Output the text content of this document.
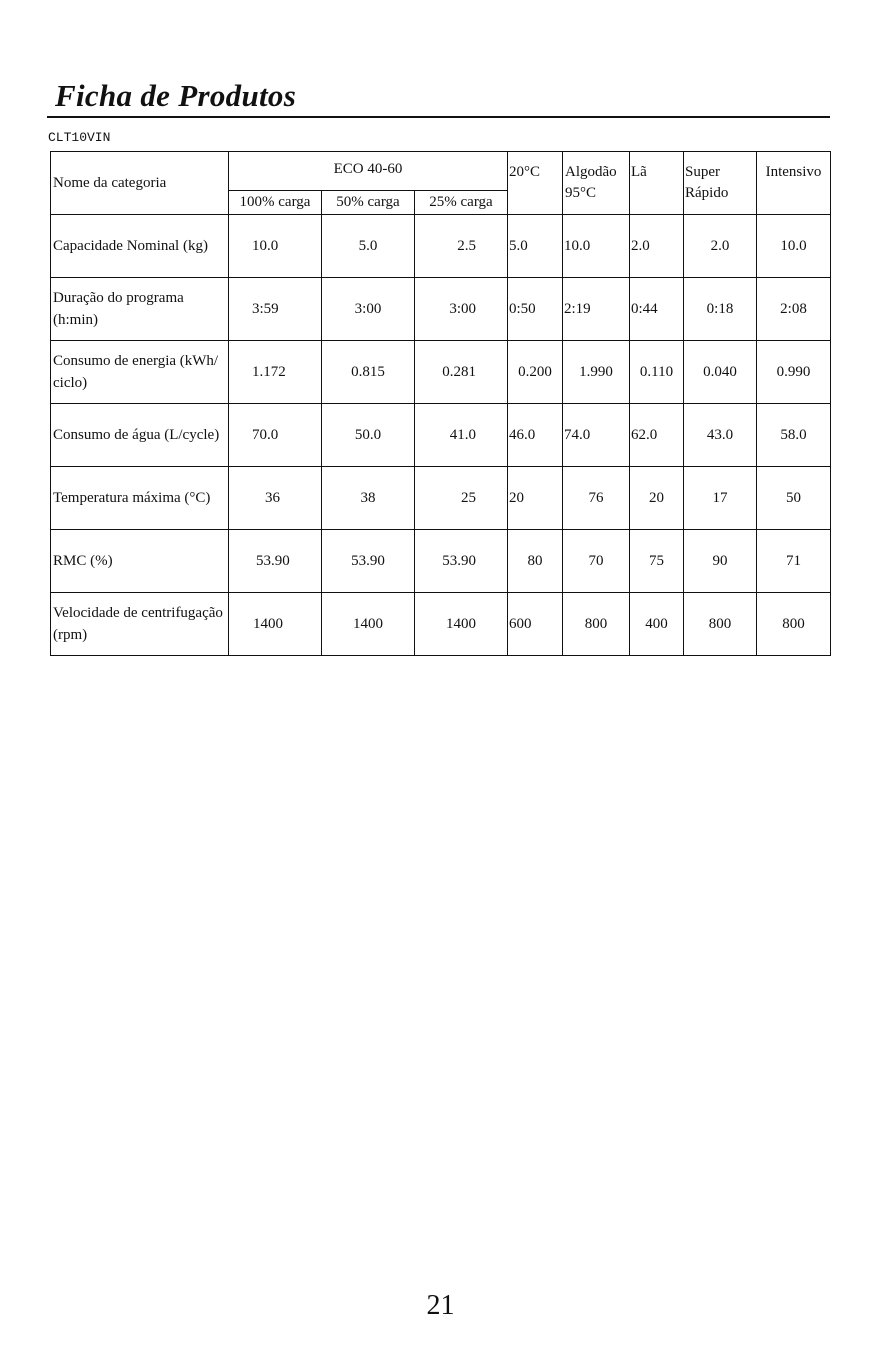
Ficha de Produtos
CLT10VIN
Nome da categoria	ECO 40-60			20°C	Algodão 95°C	Lã	Super Rápido	Intensivo
	100% carga	50% carga	25% carga					
Capacidade Nominal (kg)	10.0	5.0	2.5	5.0	10.0	2.0	2.0	10.0
Duração do programa (h:min)	3:59	3:00	3:00	0:50	2:19	0:44	0:18	2:08
Consumo de energia (kWh/ ciclo)	1.172	0.815	0.281	0.200	1.990	0.110	0.040	0.990
Consumo de água (L/cycle)	70.0	50.0	41.0	46.0	74.0	62.0	43.0	58.0
Temperatura máxima (°C)	36	38	25	20	76	20	17	50
RMC (%)	53.90	53.90	53.90	80	70	75	90	71
Velocidade de centrifugação (rpm)	1400	1400	1400	600	800	400	800	800
21
